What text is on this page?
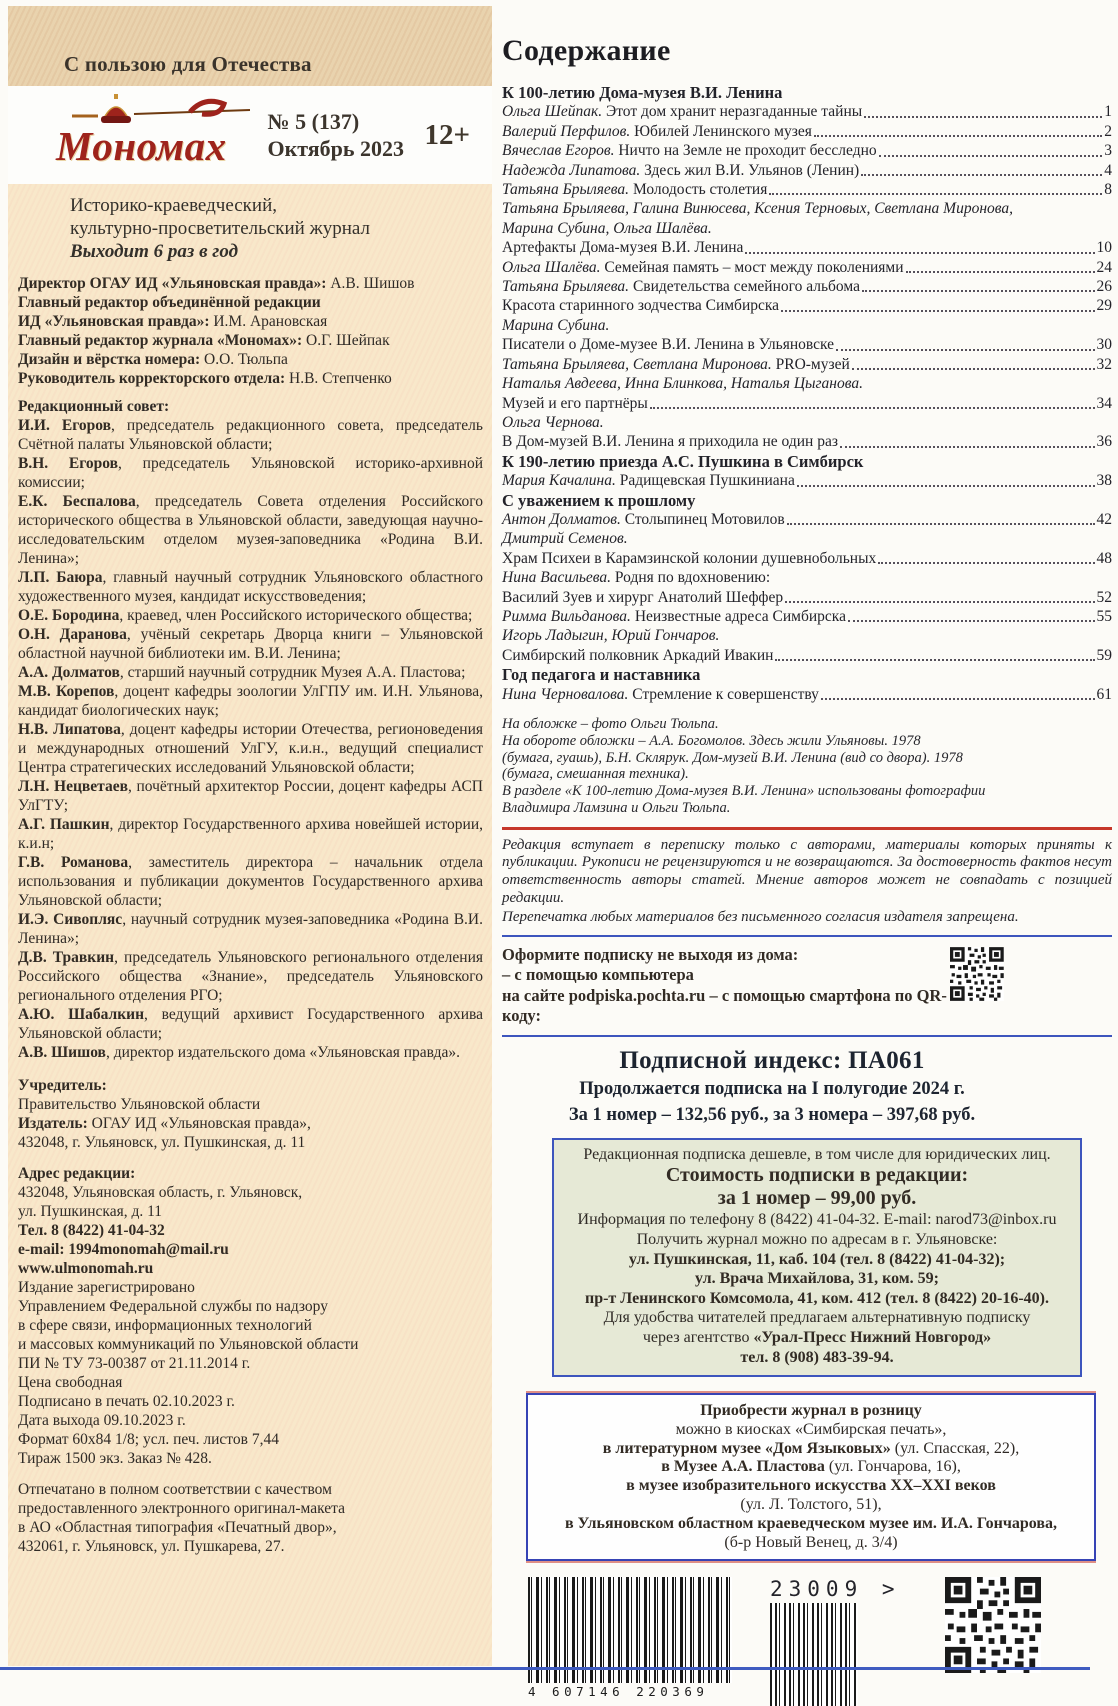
С пользою для Отечества
Мономах
№ 5 (137)
Октябрь 2023 12+
Историко-краеведческий,
культурно-просветительский журнал
Выходит 6 раз в год
Директор ОГАУ ИД «Ульяновская правда»: А.В. Шишов
Главный редактор объединённой редакции
ИД «Ульяновская правда»: И.М. Арановская
Главный редактор журнала «Мономах»: О.Г. Шейпак
Дизайн и вёрстка номера: О.О. Тюльпа
Руководитель корректорского отдела: Н.В. Степченко
Редакционный совет:
И.И. Егоров, председатель редакционного совета, председатель Счётной палаты Ульяновской области;
В.Н. Егоров, председатель Ульяновской историко-архивной комиссии;
Е.К. Беспалова, председатель Совета отделения Российского исторического общества в Ульяновской области, заведующая научно-исследовательским отделом музея-заповедника «Родина В.И. Ленина»;
Л.П. Баюра, главный научный сотрудник Ульяновского областного художественного музея, кандидат искусствоведения;
О.Е. Бородина, краевед, член Российского исторического общества;
О.Н. Даранова, учёный секретарь Дворца книги – Ульяновской областной научной библиотеки им. В.И. Ленина;
А.А. Долматов, старший научный сотрудник Музея А.А. Пластова;
М.В. Корепов, доцент кафедры зоологии УлГПУ им. И.Н. Ульянова, кандидат биологических наук;
Н.В. Липатова, доцент кафедры истории Отечества, регионоведения и международных отношений УлГУ, к.и.н., ведущий специалист Центра стратегических исследований Ульяновской области;
Л.Н. Нецветаев, почётный архитектор России, доцент кафедры АСП УлГТУ;
А.Г. Пашкин, директор Государственного архива новейшей истории, к.и.н;
Г.В. Романова, заместитель директора – начальник отдела использования и публикации документов Государственного архива Ульяновской области;
И.Э. Сивопляс, научный сотрудник музея-заповедника «Родина В.И. Ленина»;
Д.В. Травкин, председатель Ульяновского регионального отделения Российского общества «Знание», председатель Ульяновского регионального отделения РГО;
А.Ю. Шабалкин, ведущий архивист Государственного архива Ульяновской области;
А.В. Шишов, директор издательского дома «Ульяновская правда».
Учредитель:
Правительство Ульяновской области
Издатель: ОГАУ ИД «Ульяновская правда»,
432048, г. Ульяновск, ул. Пушкинская, д. 11
Адрес редакции:
432048, Ульяновская область, г. Ульяновск,
ул. Пушкинская, д. 11
Тел. 8 (8422) 41-04-32
e-mail: 1994monomah@mail.ru
www.ulmonomah.ru
Издание зарегистрировано
Управлением Федеральной службы по надзору
в сфере связи, информационных технологий
и массовых коммуникаций по Ульяновской области
ПИ № ТУ 73-00387 от 21.11.2014 г.
Цена свободная
Подписано в печать 02.10.2023 г.
Дата выхода 09.10.2023 г.
Формат 60х84 1/8; усл. печ. листов 7,44
Тираж 1500 экз. Заказ № 428.
Отпечатано в полном соответствии с качеством
предоставленного электронного оригинал-макета
в АО «Областная типография «Печатный двор»,
432061, г. Ульяновск, ул. Пушкарева, 27.
Содержание
К 100-летию Дома-музея В.И. Ленина
Ольга Шейпак. Этот дом хранит неразгаданные тайны	1
Валерий Перфилов. Юбилей Ленинского музея	2
Вячеслав Егоров. Ничто на Земле не проходит бесследно	3
Надежда Липатова. Здесь жил В.И. Ульянов (Ленин)	4
Татьяна Брыляева. Молодость столетия	8
Татьяна Брыляева, Галина Винюсева, Ксения Терновых, Светлана Миронова, Марина Субина, Ольга Шалёва.
Артефакты Дома-музея В.И. Ленина	10
Ольга Шалёва. Семейная память – мост между поколениями	24
Татьяна Брыляева. Свидетельства семейного альбома	26
Красота старинного зодчества Симбирска	29
Марина Субина.
Писатели о Доме-музее В.И. Ленина в Ульяновске	30
Татьяна Брыляева, Светлана Миронова. PRO-музей	32
Наталья Авдеева, Инна Блинкова, Наталья Цыганова.
Музей и его партнёры	34
Ольга Чернова.
В Дом-музей В.И. Ленина я приходила не один раз	36
К 190-летию приезда А.С. Пушкина в Симбирск
Мария Качалина. Радищевская Пушкиниана	38
С уважением к прошлому
Антон Долматов. Столыпинец Мотовилов	42
Дмитрий Семенов.
Храм Психеи в Карамзинской колонии душевнобольных	48
Нина Васильева. Родня по вдохновению:
Василий Зуев и хирург Анатолий Шеффер	52
Римма Вильданова. Неизвестные адреса Симбирска	55
Игорь Ладыгин, Юрий Гончаров.
Симбирский полковник Аркадий Ивакин	59
Год педагога и наставника
Нина Черновалова. Стремление к совершенству	61
На обложке – фото Ольги Тюльпа.
На обороте обложки – А.А. Богомолов. Здесь жили Ульяновы. 1978
(бумага, гуашь), Б.Н. Склярук. Дом-музей В.И. Ленина (вид со двора). 1978
(бумага, смешанная техника).
В разделе «К 100-летию Дома-музея В.И. Ленина» использованы фотографии
Владимира Ламзина и Ольги Тюльпа.

Редакция вступает в переписку только с авторами, материалы которых приняты к публикации. Рукописи не рецензируются и не возвращаются. За достоверность фактов несут ответственность авторы статей. Мнение авторов может не совпадать с позицией редакции.

Перепечатка любых материалов без письменного согласия издателя запрещена.

Оформите подписку не выходя из дома:
– с помощью компьютера
на сайте podpiska.pochta.ru – с помощью смартфона по QR-коду:
Подписной индекс: ПА061
Продолжается подписка на I полугодие 2024 г.
За 1 номер – 132,56 руб., за 3 номера – 397,68 руб.
Редакционная подписка дешевле, в том числе для юридических лиц.
Стоимость подписки в редакции:
за 1 номер – 99,00 руб.
Информация по телефону 8 (8422) 41-04-32. E-mail: narod73@inbox.ru
Получить журнал можно по адресам в г. Ульяновске:
ул. Пушкинская, 11, каб. 104 (тел. 8 (8422) 41-04-32);
ул. Врача Михайлова, 31, ком. 59;
пр-т Ленинского Комсомола, 41, ком. 412 (тел. 8 (8422) 20-16-40).
Для удобства читателей предлагаем альтернативную подписку
через агентство «Урал-Пресс Нижний Новгород»
тел. 8 (908) 483-39-94.
Приобрести журнал в розницу
можно в киосках «Симбирская печать»,
в литературном музее «Дом Языковых» (ул. Спасская, 22),
в Музее А.А. Пластова (ул. Гончарова, 16),
в музее изобразительного искусства XX–XXI веков
(ул. Л. Толстого, 51),
в Ульяновском областном краеведческом музее им. И.А. Гончарова,
(б-р Новый Венец, д. 3/4)
4 607146 220369
23009 >
